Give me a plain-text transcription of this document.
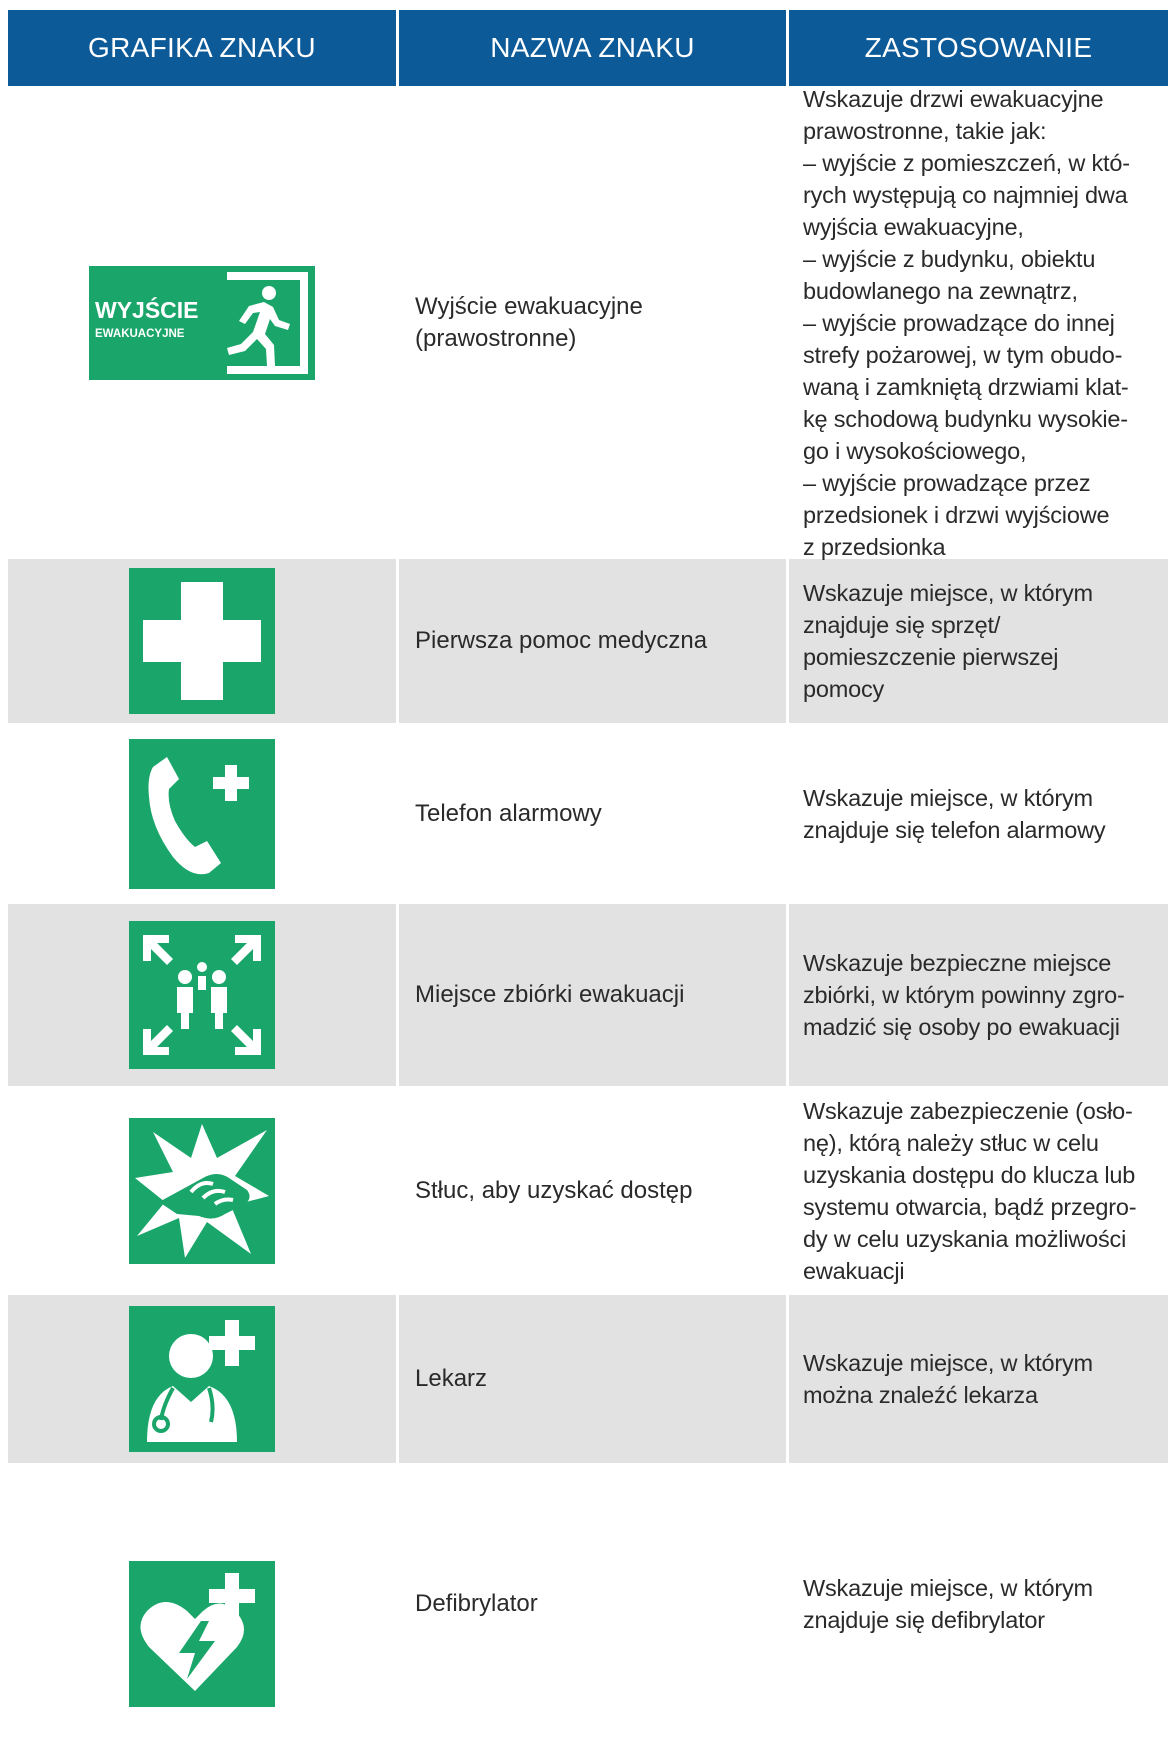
GRAFIKA ZNAKU	NAZWA ZNAKU	ZASTOSOWANIE
WYJŚCIE
EWAKUACYJNE
Wyjście ewakuacyjne
(prawostronne)
Wskazuje drzwi ewakuacyjne
prawostronne, takie jak:
– wyjście z pomieszczeń, w któ-
rych występują co najmniej dwa
wyjścia ewakuacyjne,
– wyjście z budynku, obiektu
budowlanego na zewnątrz,
– wyjście prowadzące do innej
strefy pożarowej, w tym obudo-
waną i zamkniętą drzwiami klat-
kę schodową budynku wysokie-
go i wysokościowego,
– wyjście prowadzące przez
przedsionek i drzwi wyjściowe
z przedsionka
Pierwsza pomoc medyczna
Wskazuje miejsce, w którym
znajduje się sprzęt/
pomieszczenie pierwszej
pomocy
Telefon alarmowy
Wskazuje miejsce, w którym
znajduje się telefon alarmowy
Miejsce zbiórki ewakuacji
Wskazuje bezpieczne miejsce
zbiórki, w którym powinny zgro-
madzić się osoby po ewakuacji
Stłuc, aby uzyskać dostęp
Wskazuje zabezpieczenie (osło-
nę), którą należy stłuc w celu
uzyskania dostępu do klucza lub
systemu otwarcia, bądź przegro-
dy w celu uzyskania możliwości
ewakuacji
Lekarz
Wskazuje miejsce, w którym
można znaleźć lekarza
Defibrylator
Wskazuje miejsce, w którym
znajduje się defibrylator
